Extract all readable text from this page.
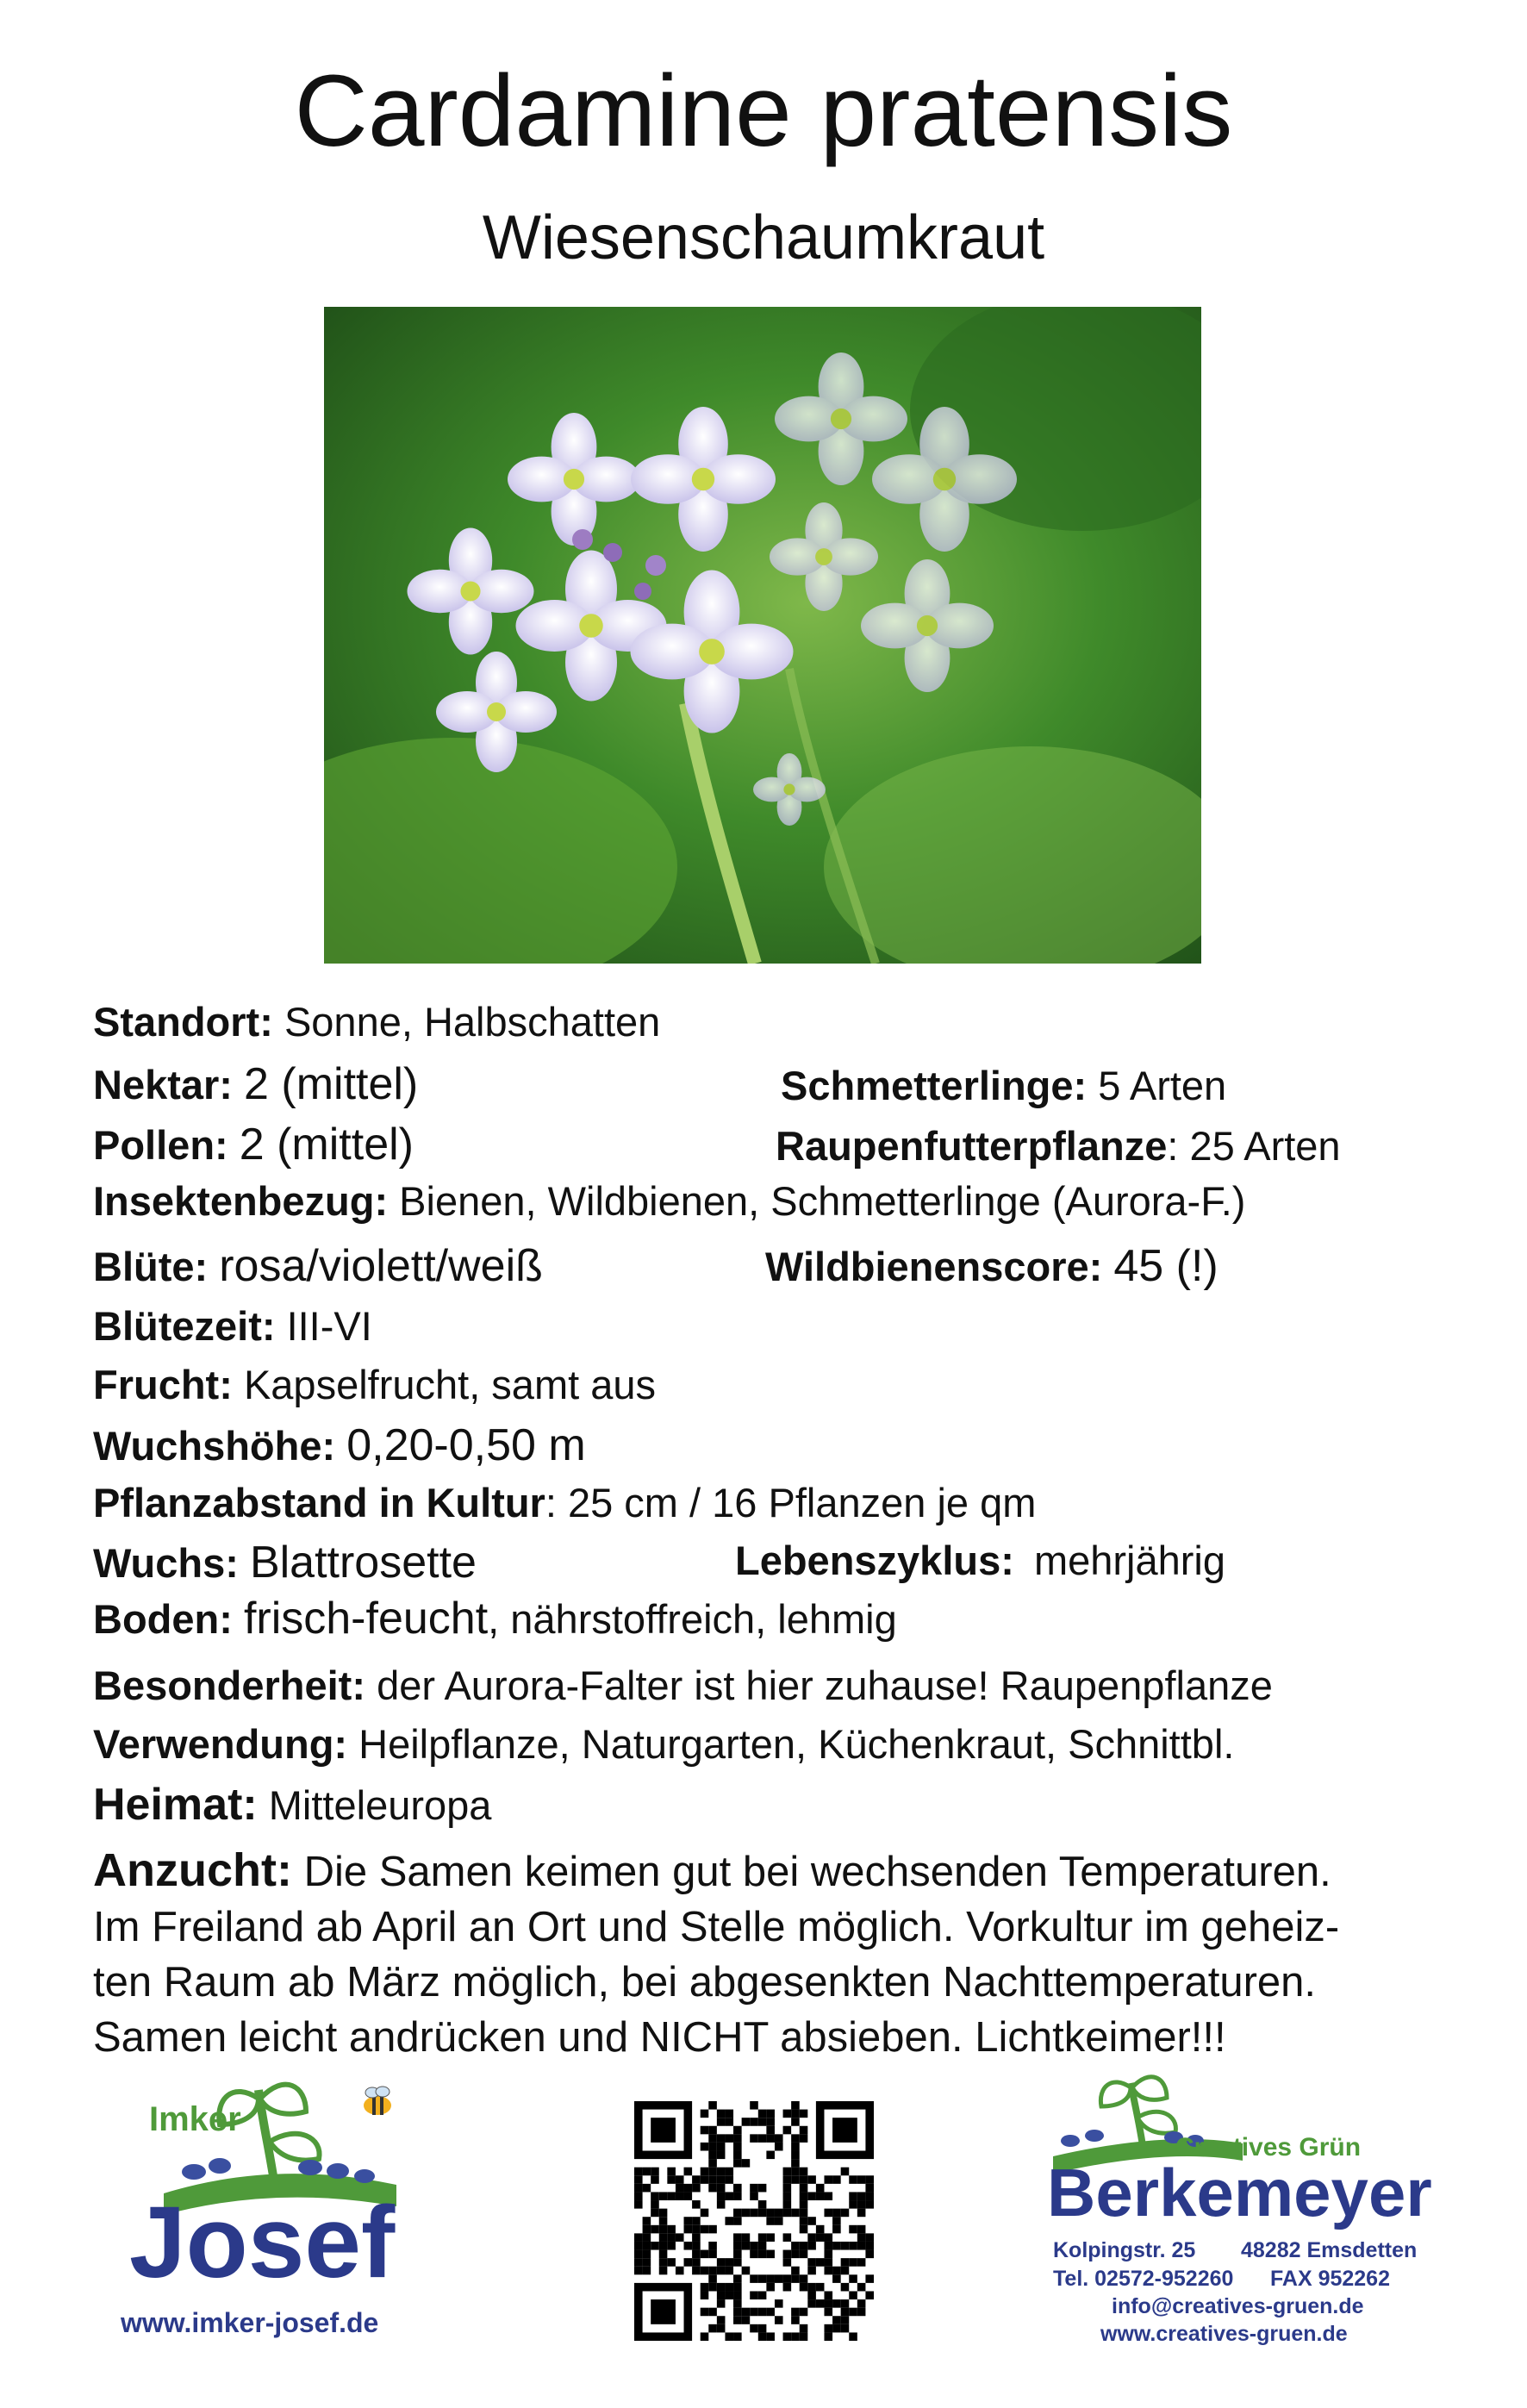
Cardamine pratensis
Wiesenschaumkraut
Standort: Sonne, Halbschatten
Nektar: 2 (mittel)	Schmetterlinge: 5 Arten
Pollen: 2 (mittel)	Raupenfutterpflanze: 25 Arten
Insektenbezug: Bienen, Wildbienen, Schmetterlinge (Aurora-F.)
Blüte: rosa/violett/weiß	Wildbienenscore: 45 (!)
Blütezeit: III-VI
Frucht: Kapselfrucht, samt aus
Wuchshöhe: 0,20-0,50 m
Pflanzabstand in Kultur: 25 cm / 16 Pflanzen je qm
Wuchs: Blattrosette	Lebenszyklus: mehrjährig
Boden: frisch-feucht, nährstoffreich, lehmig
Besonderheit: der Aurora-Falter ist hier zuhause! Raupenpflanze
Verwendung: Heilpflanze, Naturgarten, Küchenkraut, Schnittbl.
Heimat: Mitteleuropa
Anzucht: Die Samen keimen gut bei wechsenden Temperaturen.
Im Freiland ab April an Ort und Stelle möglich. Vorkultur im geheiz-
ten Raum ab März möglich, bei abgesenkten Nachttemperaturen.
Samen leicht andrücken und NICHT absieben. Lichtkeimer!!!
Imker
Josef
www.imker-josef.de
Creatives Grün
Berkemeyer
Kolpingstr. 25 48282 Emsdetten
Tel. 02572-952260 FAX 952262
info@creatives-gruen.de
www.creatives-gruen.de
